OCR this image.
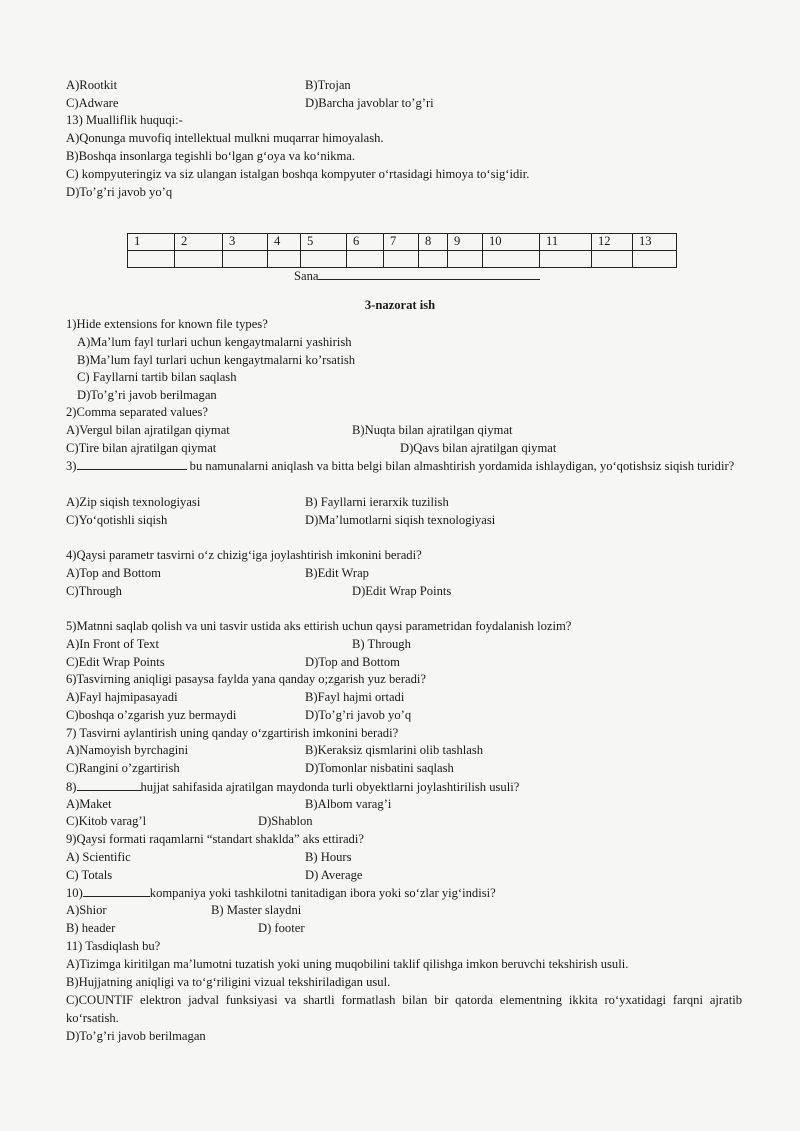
A)Rootkit	B)Trojan
C)Adware	D)Barcha javoblar to’g’ri
13) Mualliflik huquqi:-
A)Qonunga muvofiq intellektual mulkni muqarrar himoyalash.
B)Boshqa insonlarga tegishli bo‘lgan g‘oya va ko‘nikma.
C) kompyuteringiz va siz ulangan istalgan boshqa kompyuter o‘rtasidagi himoya to‘sig‘idir.
D)To’g’ri javob yo’q
1	2	3	4	5	6	7	8	9	10	11	12	13

Sana
3-nazorat ish
1)Hide extensions for known file types?
A)Ma’lum fayl turlari uchun kengaytmalarni yashirish
B)Ma’lum fayl turlari uchun kengaytmalarni ko’rsatish
C) Fayllarni tartib bilan saqlash
D)To’g’ri javob berilmagan
2)Comma separated values?
A)Vergul bilan ajratilgan qiymat	B)Nuqta bilan ajratilgan qiymat
C)Tire bilan ajratilgan qiymat	D)Qavs bilan ajratilgan qiymat
3)	bu namunalarni aniqlash va bitta belgi bilan almashtirish yordamida ishlaydigan, yo‘qotishsiz siqish turidir?
A)Zip siqish texnologiyasi	B) Fayllarni ierarxik tuzilish
C)Yo‘qotishli siqish	D)Ma’lumotlarni siqish texnologiyasi
4)Qaysi parametr tasvirni o‘z chizig‘iga joylashtirish imkonini beradi?
A)Top and Bottom	B)Edit Wrap
C)Through	D)Edit Wrap Points
5)Matnni saqlab qolish va uni tasvir ustida aks ettirish uchun qaysi parametridan foydalanish lozim?
A)In Front of Text	B) Through
C)Edit Wrap Points	D)Top and Bottom
6)Tasvirning aniqligi pasaysa faylda yana qanday o;zgarish yuz beradi?
A)Fayl hajmipasayadi	B)Fayl hajmi ortadi
C)boshqa o’zgarish yuz bermaydi	D)To’g’ri javob yo’q
7) Tasvirni aylantirish uning qanday o‘zgartirish imkonini beradi?
A)Namoyish byrchagini	B)Keraksiz qismlarini olib tashlash
C)Rangini o’zgartirish	D)Tomonlar nisbatini saqlash
8)	hujjat sahifasida ajratilgan maydonda turli obyektlarni joylashtirilish usuli?
A)Maket	B)Albom varag’i
C)Kitob varag’l	D)Shablon
9)Qaysi formati raqamlarni “standart shaklda” aks ettiradi?
A) Scientific	B) Hours
C) Totals	D) Average
10)	kompaniya yoki tashkilotni tanitadigan ibora yoki so‘zlar yig‘indisi?
A)Shior	B) Master slaydni
B) header	D) footer
11) Tasdiqlash bu?
A)Tizimga kiritilgan ma’lumotni tuzatish yoki uning muqobilini taklif qilishga imkon beruvchi tekshirish usuli.
B)Hujjatning aniqligi va to‘g‘riligini vizual tekshiriladigan usul.
C)COUNTIF elektron jadval funksiyasi va shartli formatlash bilan bir qatorda elementning ikkita ro‘yxatidagi farqni ajratib ko‘rsatish.
D)To’g’ri javob berilmagan
